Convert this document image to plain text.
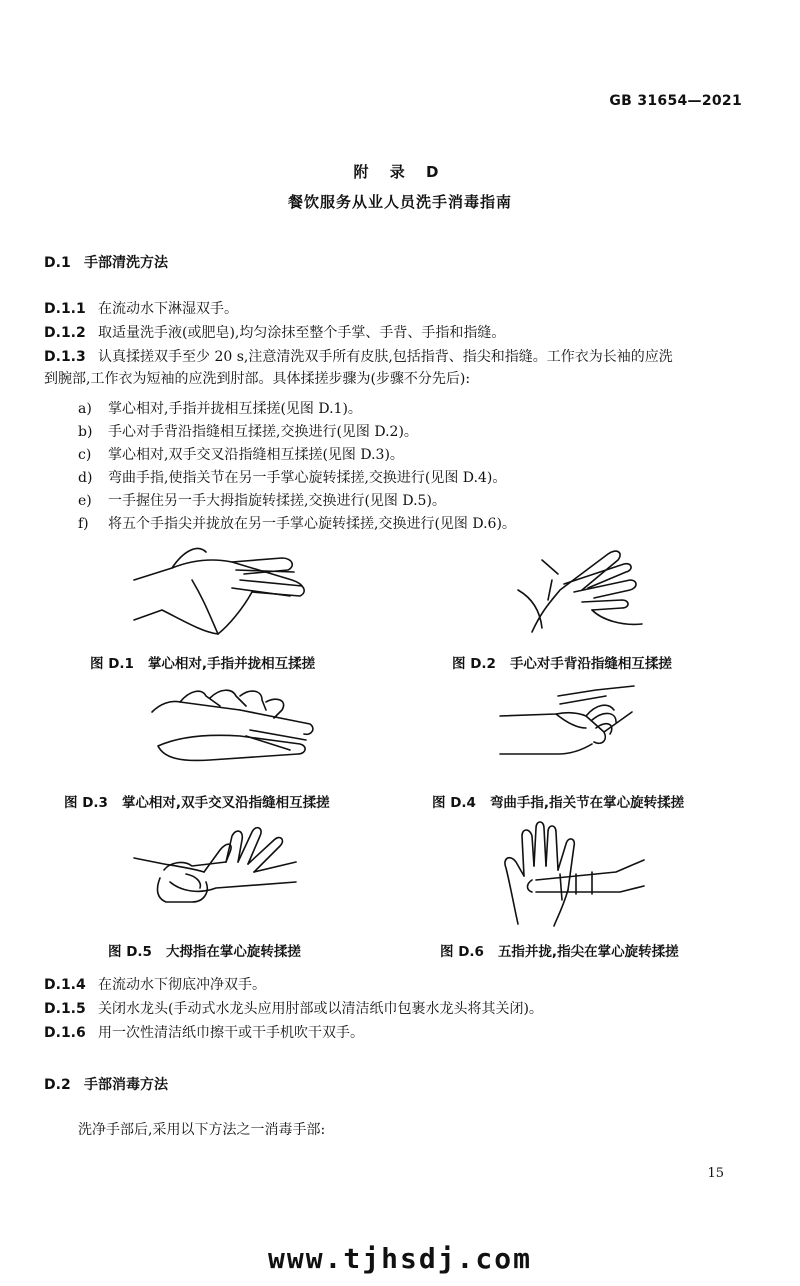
GB 31654—2021
附 录 D
餐饮服务从业人员洗手消毒指南
D.1 手部清洗方法
D.1.1 在流动水下淋湿双手。
D.1.2 取适量洗手液(或肥皂),均匀涂抹至整个手掌、手背、手指和指缝。
D.1.3 认真揉搓双手至少 20 s,注意清洗双手所有皮肤,包括指背、指尖和指缝。工作衣为长袖的应洗
到腕部,工作衣为短袖的应洗到肘部。具体揉搓步骤为(步骤不分先后):
a) 掌心相对,手指并拢相互揉搓(见图 D.1)。
b) 手心对手背沿指缝相互揉搓,交换进行(见图 D.2)。
c) 掌心相对,双手交叉沿指缝相互揉搓(见图 D.3)。
d) 弯曲手指,使指关节在另一手掌心旋转揉搓,交换进行(见图 D.4)。
e) 一手握住另一手大拇指旋转揉搓,交换进行(见图 D.5)。
f) 将五个手指尖并拢放在另一手掌心旋转揉搓,交换进行(见图 D.6)。
图 D.1 掌心相对,手指并拢相互揉搓	图 D.2 手心对手背沿指缝相互揉搓
图 D.3 掌心相对,双手交叉沿指缝相互揉搓	图 D.4 弯曲手指,指关节在掌心旋转揉搓
图 D.5 大拇指在掌心旋转揉搓	图 D.6 五指并拢,指尖在掌心旋转揉搓
D.1.4 在流动水下彻底冲净双手。
D.1.5 关闭水龙头(手动式水龙头应用肘部或以清洁纸巾包裹水龙头将其关闭)。
D.1.6 用一次性清洁纸巾擦干或干手机吹干双手。
D.2 手部消毒方法
洗净手部后,采用以下方法之一消毒手部:
15
www.tjhsdj.com
